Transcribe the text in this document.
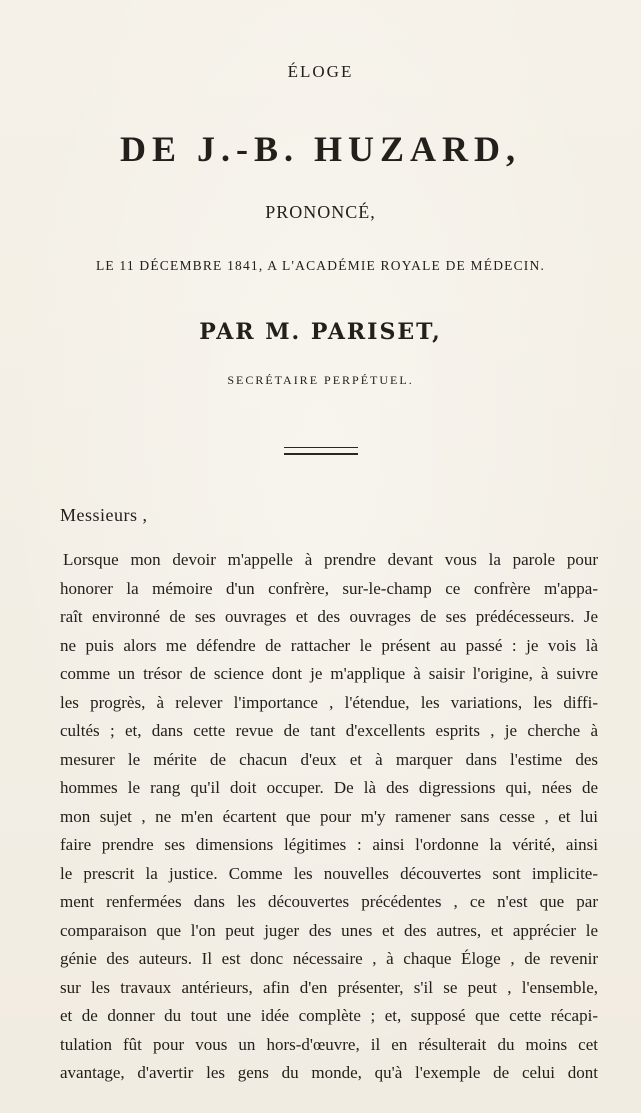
ÉLOGE
DE J.-B. HUZARD,
PRONONCÉ,
LE 11 DÉCEMBRE 1841, A L'ACADÉMIE ROYALE DE MÉDECIN.
PAR M. PARISET,
SECRÉTAIRE PERPÉTUEL.
Messieurs ,
Lorsque mon devoir m'appelle à prendre devant vous la parole pour
honorer la mémoire d'un confrère, sur-le-champ ce confrère m'appa-
raît environné de ses ouvrages et des ouvrages de ses prédécesseurs. Je
ne puis alors me défendre de rattacher le présent au passé : je vois là
comme un trésor de science dont je m'applique à saisir l'origine, à suivre
les progrès, à relever l'importance , l'étendue, les variations, les diffi-
cultés ; et, dans cette revue de tant d'excellents esprits , je cherche à
mesurer le mérite de chacun d'eux et à marquer dans l'estime des
hommes le rang qu'il doit occuper. De là des digressions qui, nées de
mon sujet , ne m'en écartent que pour m'y ramener sans cesse , et lui
faire prendre ses dimensions légitimes : ainsi l'ordonne la vérité, ainsi
le prescrit la justice. Comme les nouvelles découvertes sont implicite-
ment renfermées dans les découvertes précédentes , ce n'est que par
comparaison que l'on peut juger des unes et des autres, et apprécier le
génie des auteurs. Il est donc nécessaire , à chaque Éloge , de revenir
sur les travaux antérieurs, afin d'en présenter, s'il se peut , l'ensemble,
et de donner du tout une idée complète ; et, supposé que cette récapi-
tulation fût pour vous un hors-d'œuvre, il en résulterait du moins cet
avantage, d'avertir les gens du monde, qu'à l'exemple de celui dont
